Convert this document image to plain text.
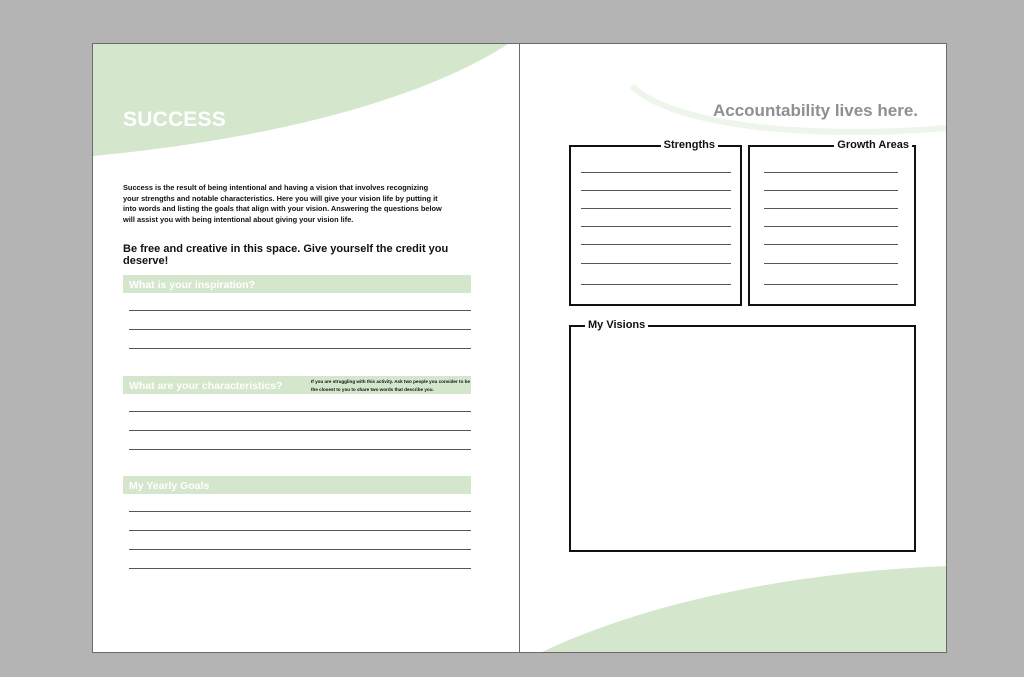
SUCCESS
Success is the result of being intentional and having a vision that involves recognizing your strengths and notable characteristics. Here you will give your vision life by putting it into words and listing the goals that align with your vision. Answering the questions below will assist you with being intentional about giving your vision life.
Be free and creative in this space. Give yourself the credit you deserve!
What is your inspiration?
What are your characteristics?	If you are struggling with this activity. Ask two people you consider to be the closest to you to share two words that describe you.
My Yearly Goals
Accountability lives here.
Strengths	Growth Areas
My Visions
